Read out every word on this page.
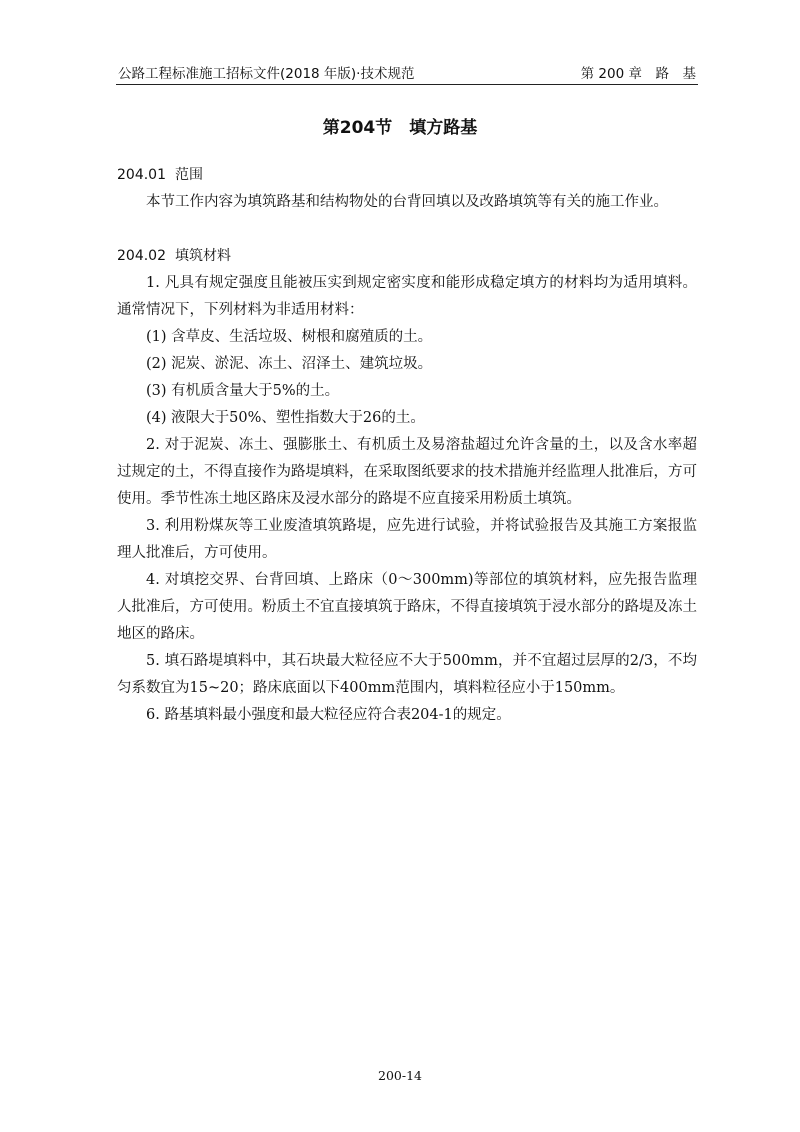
公路工程标准施工招标文件(2018 年版)·技术规范	第 200 章　路　基
第204节　填方路基

204.01 范围

本节工作内容为填筑路基和结构物处的台背回填以及改路填筑等有关的施工作业。

204.02 填筑材料

1. 凡具有规定强度且能被压实到规定密实度和能形成稳定填方的材料均为适用填料。通常情况下，下列材料为非适用材料：

(1) 含草皮、生活垃圾、树根和腐殖质的土。

(2) 泥炭、淤泥、冻土、沼泽土、建筑垃圾。

(3) 有机质含量大于5%的土。

(4) 液限大于50%、塑性指数大于26的土。

2. 对于泥炭、冻土、强膨胀土、有机质土及易溶盐超过允许含量的土，以及含水率超过规定的土，不得直接作为路堤填料，在采取图纸要求的技术措施并经监理人批准后，方可使用。季节性冻土地区路床及浸水部分的路堤不应直接采用粉质土填筑。

3. 利用粉煤灰等工业废渣填筑路堤，应先进行试验，并将试验报告及其施工方案报监理人批准后，方可使用。

4. 对填挖交界、台背回填、上路床（0～300mm)等部位的填筑材料，应先报告监理人批准后，方可使用。粉质土不宜直接填筑于路床，不得直接填筑于浸水部分的路堤及冻土地区的路床。

5. 填石路堤填料中，其石块最大粒径应不大于500mm，并不宜超过层厚的2/3，不均匀系数宜为15~20；路床底面以下400mm范围内，填料粒径应小于150mm。

6. 路基填料最小强度和最大粒径应符合表204-1的规定。

200-14
